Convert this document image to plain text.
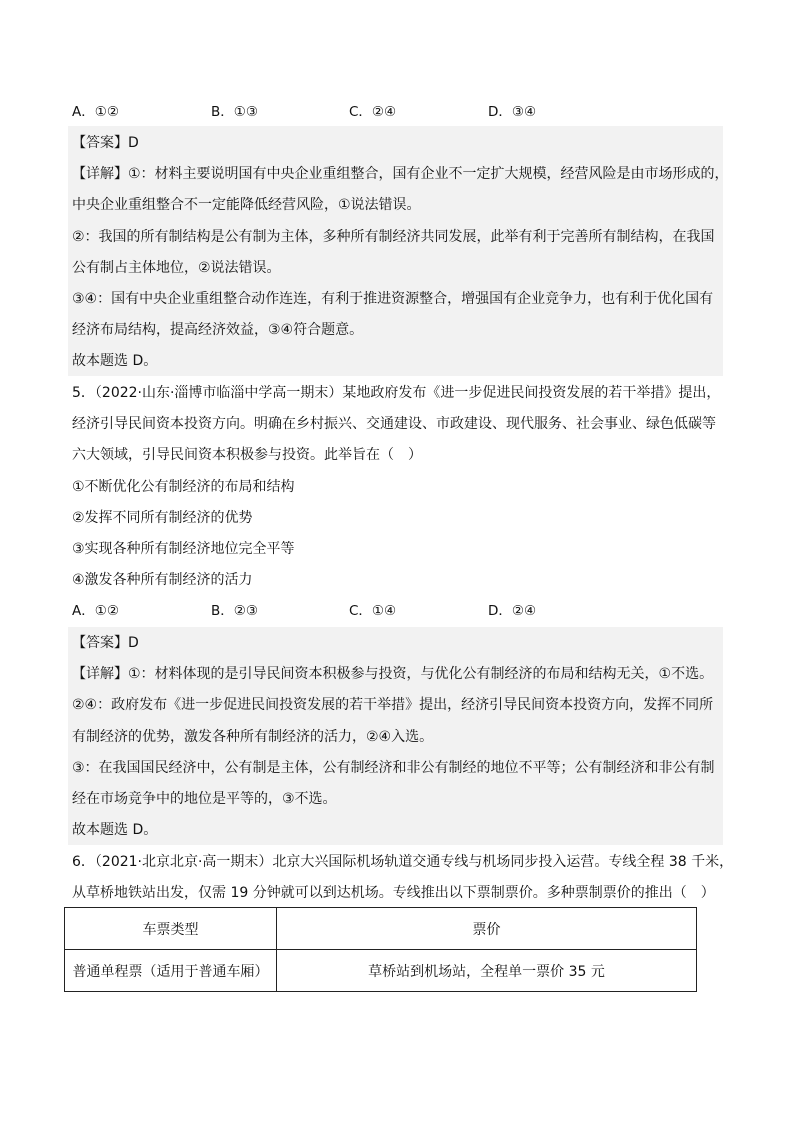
A．①②	B．①③	C．②④	D．③④
【答案】D
【详解】①：材料主要说明国有中央企业重组整合，国有企业不一定扩大规模，经营风险是由市场形成的，
中央企业重组整合不一定能降低经营风险，①说法错误。
②：我国的所有制结构是公有制为主体，多种所有制经济共同发展，此举有利于完善所有制结构，在我国
公有制占主体地位，②说法错误。
③④：国有中央企业重组整合动作连连，有利于推进资源整合，增强国有企业竞争力，也有利于优化国有
经济布局结构，提高经济效益，③④符合题意。
故本题选 D。
5．（2022·山东·淄博市临淄中学高一期末）某地政府发布《进一步促进民间投资发展的若干举措》提出，
经济引导民间资本投资方向。明确在乡村振兴、交通建设、市政建设、现代服务、社会事业、绿色低碳等
六大领域，引导民间资本积极参与投资。此举旨在（　）
①不断优化公有制经济的布局和结构
②发挥不同所有制经济的优势
③实现各种所有制经济地位完全平等
④激发各种所有制经济的活力
A．①②	B．②③	C．①④	D．②④
【答案】D
【详解】①：材料体现的是引导民间资本积极参与投资，与优化公有制经济的布局和结构无关，①不选。
②④：政府发布《进一步促进民间投资发展的若干举措》提出，经济引导民间资本投资方向，发挥不同所
有制经济的优势，激发各种所有制经济的活力，②④入选。
③：在我国国民经济中，公有制是主体，公有制经济和非公有制经的地位不平等；公有制经济和非公有制
经在市场竞争中的地位是平等的，③不选。
故本题选 D。
6．（2021·北京北京·高一期末）北京大兴国际机场轨道交通专线与机场同步投入运营。专线全程 38 千米，
从草桥地铁站出发，仅需 19 分钟就可以到达机场。专线推出以下票制票价。多种票制票价的推出（　）
车票类型	票价
普通单程票（适用于普通车厢）	草桥站到机场站，全程单一票价 35 元
